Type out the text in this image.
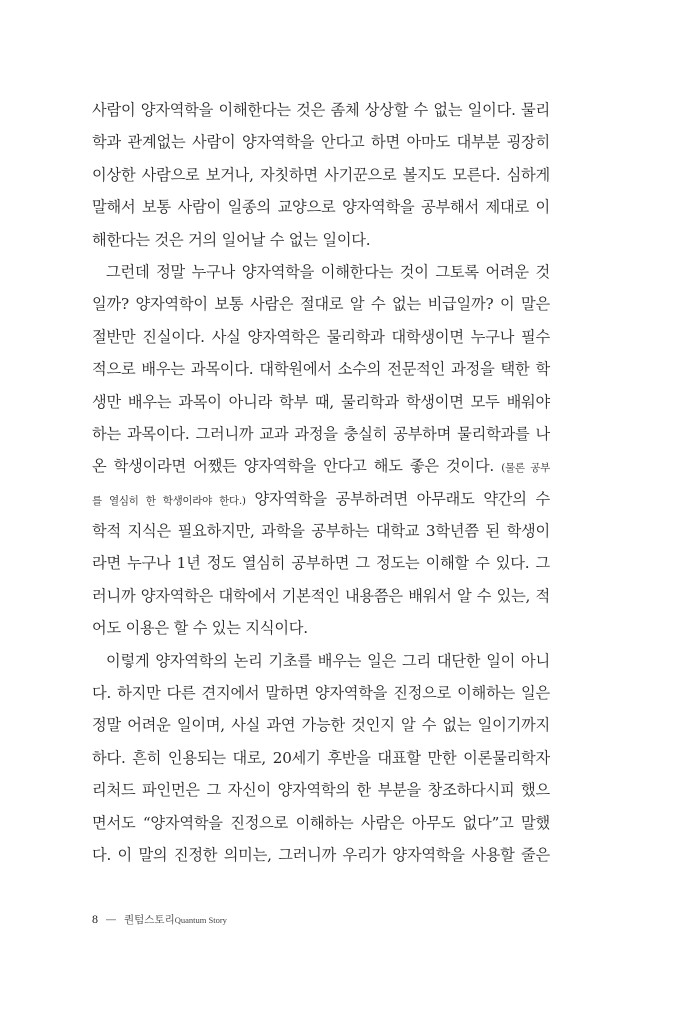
사람이 양자역학을 이해한다는 것은 좀체 상상할 수 없는 일이다. 물리
학과 관계없는 사람이 양자역학을 안다고 하면 아마도 대부분 굉장히
이상한 사람으로 보거나, 자칫하면 사기꾼으로 볼지도 모른다. 심하게
말해서 보통 사람이 일종의 교양으로 양자역학을 공부해서 제대로 이
해한다는 것은 거의 일어날 수 없는 일이다.
그런데 정말 누구나 양자역학을 이해한다는 것이 그토록 어려운 것
일까? 양자역학이 보통 사람은 절대로 알 수 없는 비급일까? 이 말은
절반만 진실이다. 사실 양자역학은 물리학과 대학생이면 누구나 필수
적으로 배우는 과목이다. 대학원에서 소수의 전문적인 과정을 택한 학
생만 배우는 과목이 아니라 학부 때, 물리학과 학생이면 모두 배워야
하는 과목이다. 그러니까 교과 과정을 충실히 공부하며 물리학과를 나
온 학생이라면 어쨌든 양자역학을 안다고 해도 좋은 것이다. (물론 공부
를 열심히 한 학생이라야 한다.) 양자역학을 공부하려면 아무래도 약간의 수
학적 지식은 필요하지만, 과학을 공부하는 대학교 3학년쯤 된 학생이
라면 누구나 1년 정도 열심히 공부하면 그 정도는 이해할 수 있다. 그
러니까 양자역학은 대학에서 기본적인 내용쯤은 배워서 알 수 있는, 적
어도 이용은 할 수 있는 지식이다.
이렇게 양자역학의 논리 기초를 배우는 일은 그리 대단한 일이 아니
다. 하지만 다른 견지에서 말하면 양자역학을 진정으로 이해하는 일은
정말 어려운 일이며, 사실 과연 가능한 것인지 알 수 없는 일이기까지
하다. 흔히 인용되는 대로, 20세기 후반을 대표할 만한 이론물리학자
리처드 파인먼은 그 자신이 양자역학의 한 부분을 창조하다시피 했으
면서도 “양자역학을 진정으로 이해하는 사람은 아무도 없다”고 말했
다. 이 말의 진정한 의미는, 그러니까 우리가 양자역학을 사용할 줄은
8 — 퀀텀스토리Quantum Story
